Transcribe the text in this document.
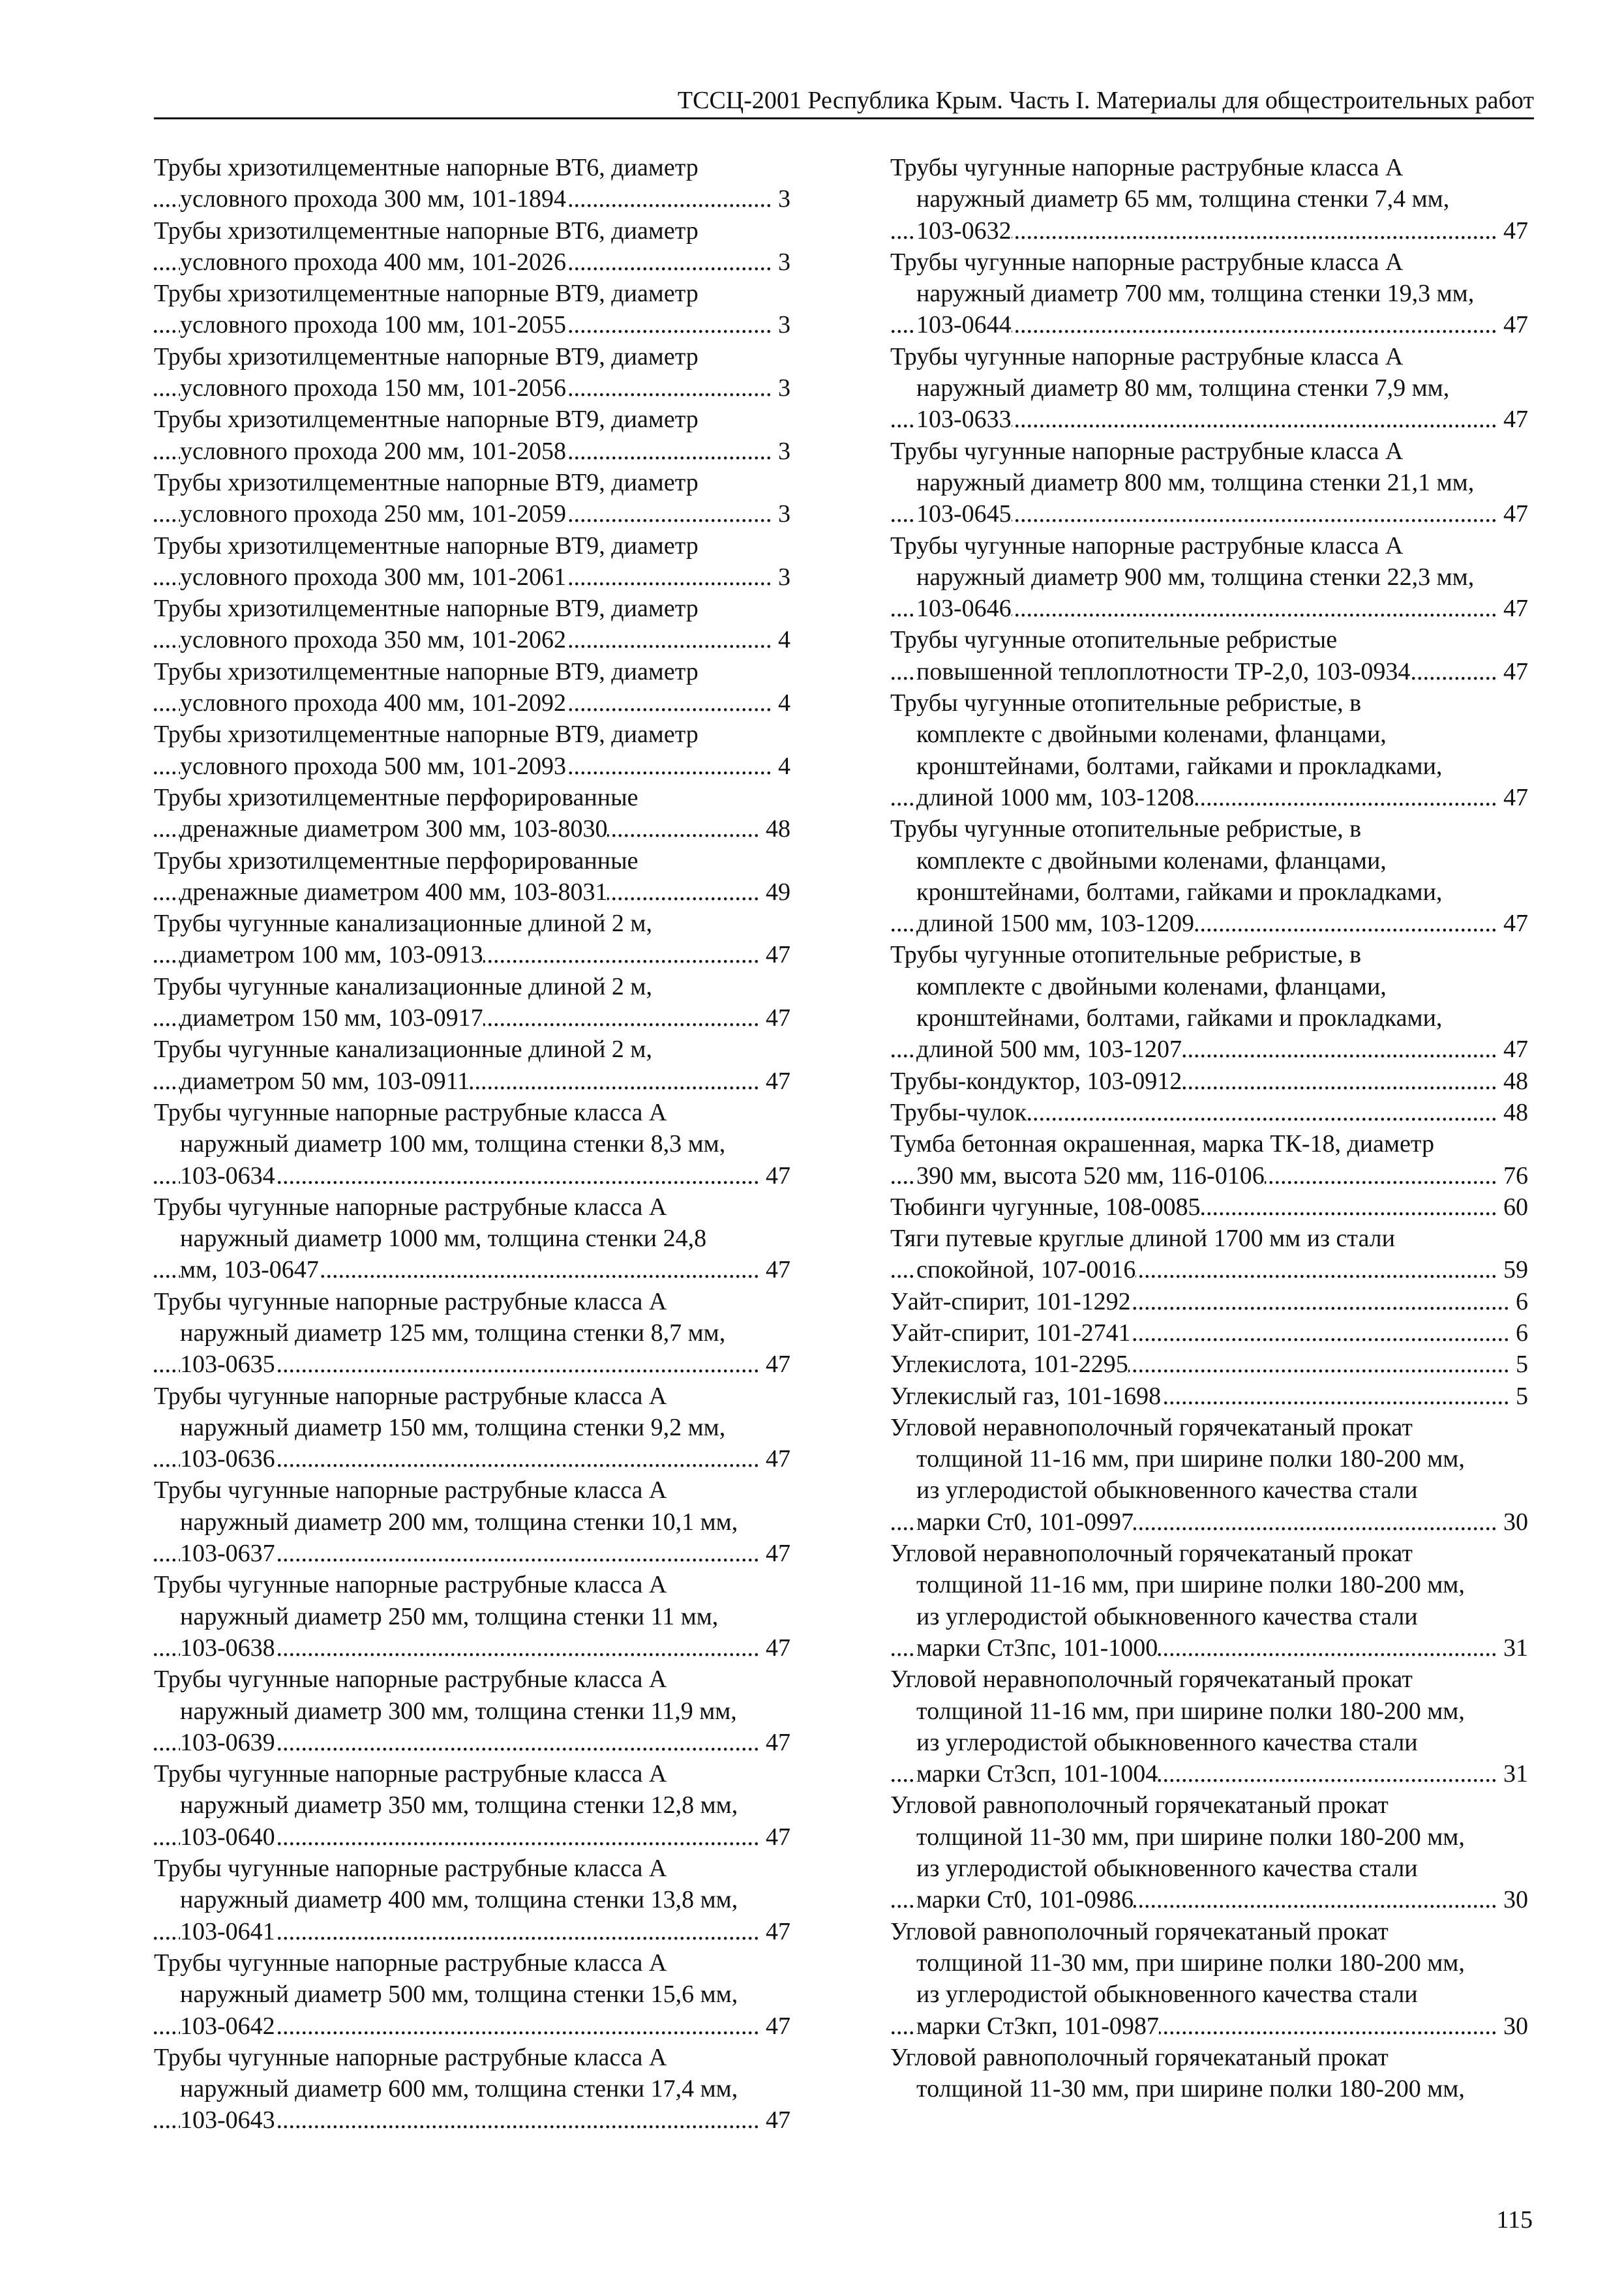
ТССЦ-2001 Республика Крым. Часть I. Материалы для общестроительных работ
.....
Трубы хризотилцементные напорные ВТ6, диаметр
условного прохода 300 мм, 101-1894	3
.....
Трубы хризотилцементные напорные ВТ6, диаметр
условного прохода 400 мм, 101-2026	3
.....
Трубы хризотилцементные напорные ВТ9, диаметр
условного прохода 100 мм, 101-2055	3
.....
Трубы хризотилцементные напорные ВТ9, диаметр
условного прохода 150 мм, 101-2056	3
.....
Трубы хризотилцементные напорные ВТ9, диаметр
условного прохода 200 мм, 101-2058	3
.....
Трубы хризотилцементные напорные ВТ9, диаметр
условного прохода 250 мм, 101-2059	3
.....
Трубы хризотилцементные напорные ВТ9, диаметр
условного прохода 300 мм, 101-2061	3
.....
Трубы хризотилцементные напорные ВТ9, диаметр
условного прохода 350 мм, 101-2062	4
.....
Трубы хризотилцементные напорные ВТ9, диаметр
условного прохода 400 мм, 101-2092	4
.....
Трубы хризотилцементные напорные ВТ9, диаметр
условного прохода 500 мм, 101-2093	4
.....
Трубы хризотилцементные перфорированные
дренажные диаметром 300 мм, 103-8030	48
.....
Трубы хризотилцементные перфорированные
дренажные диаметром 400 мм, 103-8031	49
.....
Трубы чугунные канализационные длиной 2 м,
диаметром 100 мм, 103-0913	47
.....
Трубы чугунные канализационные длиной 2 м,
диаметром 150 мм, 103-0917	47
.....
Трубы чугунные канализационные длиной 2 м,
диаметром 50 мм, 103-0911	47
.....
Трубы чугунные напорные раструбные класса А
наружный диаметр 100 мм, толщина стенки 8,3 мм,
103-0634	47
.....
Трубы чугунные напорные раструбные класса А
наружный диаметр 1000 мм, толщина стенки 24,8
мм, 103-0647	47
.....
Трубы чугунные напорные раструбные класса А
наружный диаметр 125 мм, толщина стенки 8,7 мм,
103-0635	47
.....
Трубы чугунные напорные раструбные класса А
наружный диаметр 150 мм, толщина стенки 9,2 мм,
103-0636	47
.....
Трубы чугунные напорные раструбные класса А
наружный диаметр 200 мм, толщина стенки 10,1 мм,
103-0637	47
.....
Трубы чугунные напорные раструбные класса А
наружный диаметр 250 мм, толщина стенки 11 мм,
103-0638	47
.....
Трубы чугунные напорные раструбные класса А
наружный диаметр 300 мм, толщина стенки 11,9 мм,
103-0639	47
.....
Трубы чугунные напорные раструбные класса А
наружный диаметр 350 мм, толщина стенки 12,8 мм,
103-0640	47
.....
Трубы чугунные напорные раструбные класса А
наружный диаметр 400 мм, толщина стенки 13,8 мм,
103-0641	47
.....
Трубы чугунные напорные раструбные класса А
наружный диаметр 500 мм, толщина стенки 15,6 мм,
103-0642	47
.....
Трубы чугунные напорные раструбные класса А
наружный диаметр 600 мм, толщина стенки 17,4 мм,
103-0643	47
.....
Трубы чугунные напорные раструбные класса А
наружный диаметр 65 мм, толщина стенки 7,4 мм,
103-0632	47
.....
Трубы чугунные напорные раструбные класса А
наружный диаметр 700 мм, толщина стенки 19,3 мм,
103-0644	47
.....
Трубы чугунные напорные раструбные класса А
наружный диаметр 80 мм, толщина стенки 7,9 мм,
103-0633	47
.....
Трубы чугунные напорные раструбные класса А
наружный диаметр 800 мм, толщина стенки 21,1 мм,
103-0645	47
.....
Трубы чугунные напорные раструбные класса А
наружный диаметр 900 мм, толщина стенки 22,3 мм,
103-0646	47
.....
Трубы чугунные отопительные ребристые
повышенной теплоплотности ТР-2,0, 103-0934	47
.....
Трубы чугунные отопительные ребристые, в
комплекте с двойными коленами, фланцами,
кронштейнами, болтами, гайками и прокладками,
длиной 1000 мм, 103-1208	47
.....
Трубы чугунные отопительные ребристые, в
комплекте с двойными коленами, фланцами,
кронштейнами, болтами, гайками и прокладками,
длиной 1500 мм, 103-1209	47
.....
Трубы чугунные отопительные ребристые, в
комплекте с двойными коленами, фланцами,
кронштейнами, болтами, гайками и прокладками,
длиной 500 мм, 103-1207	47
.....
Трубы-кондуктор, 103-0912	48
.....
Трубы-чулок	48
.....
Тумба бетонная окрашенная, марка ТК-18, диаметр
390 мм, высота 520 мм, 116-0106	76
.....
Тюбинги чугунные, 108-0085	60
.....
Тяги путевые круглые длиной 1700 мм из стали
спокойной, 107-0016	59
.....
Уайт-спирит, 101-1292	6
.....
Уайт-спирит, 101-2741	6
.....
Углекислота, 101-2295	5
.....
Углекислый газ, 101-1698	5
.....
Угловой неравнополочный горячекатаный прокат
толщиной 11-16 мм, при ширине полки 180-200 мм,
из углеродистой обыкновенного качества стали
марки Ст0, 101-0997	30
.....
Угловой неравнополочный горячекатаный прокат
толщиной 11-16 мм, при ширине полки 180-200 мм,
из углеродистой обыкновенного качества стали
марки Ст3пс, 101-1000	31
.....
Угловой неравнополочный горячекатаный прокат
толщиной 11-16 мм, при ширине полки 180-200 мм,
из углеродистой обыкновенного качества стали
марки Ст3сп, 101-1004	31
.....
Угловой равнополочный горячекатаный прокат
толщиной 11-30 мм, при ширине полки 180-200 мм,
из углеродистой обыкновенного качества стали
марки Ст0, 101-0986	30
.....
Угловой равнополочный горячекатаный прокат
толщиной 11-30 мм, при ширине полки 180-200 мм,
из углеродистой обыкновенного качества стали
марки Ст3кп, 101-0987	30
Угловой равнополочный горячекатаный прокат
толщиной 11-30 мм, при ширине полки 180-200 мм,
115
